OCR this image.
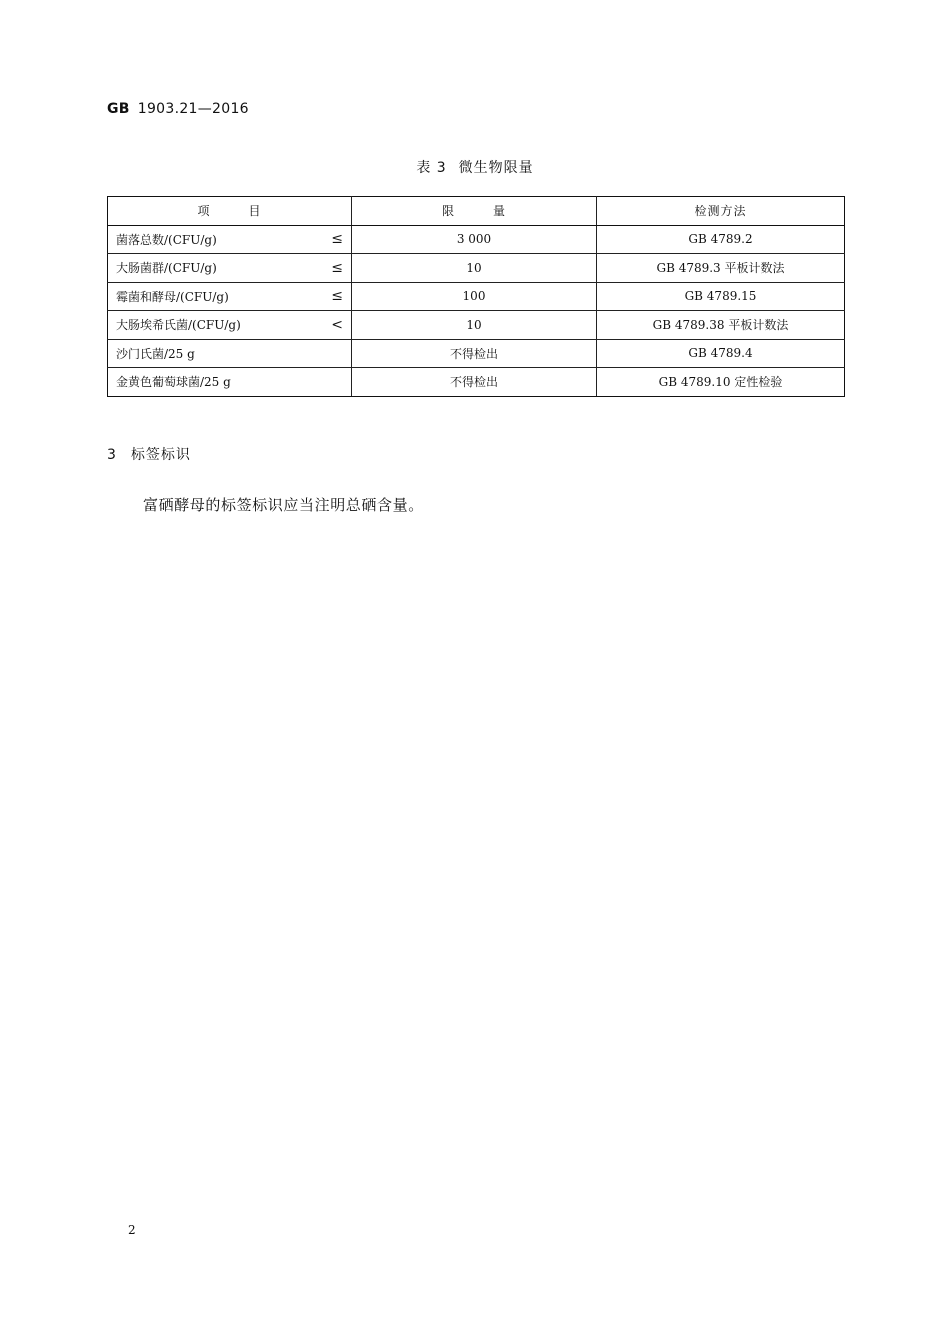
GB 1903.21—2016
表 3 微生物限量
项 目	限 量	检测方法

菌落总数/(CFU/g) ≤	3 000	GB 4789.2

大肠菌群/(CFU/g) ≤	10	GB 4789.3 平板计数法

霉菌和酵母/(CFU/g) ≤	100	GB 4789.15

大肠埃希氏菌/(CFU/g) <	10	GB 4789.38 平板计数法

沙门氏菌/25 g	不得检出	GB 4789.4

金黄色葡萄球菌/25 g	不得检出	GB 4789.10 定性检验
3 标签标识
富硒酵母的标签标识应当注明总硒含量。
2
